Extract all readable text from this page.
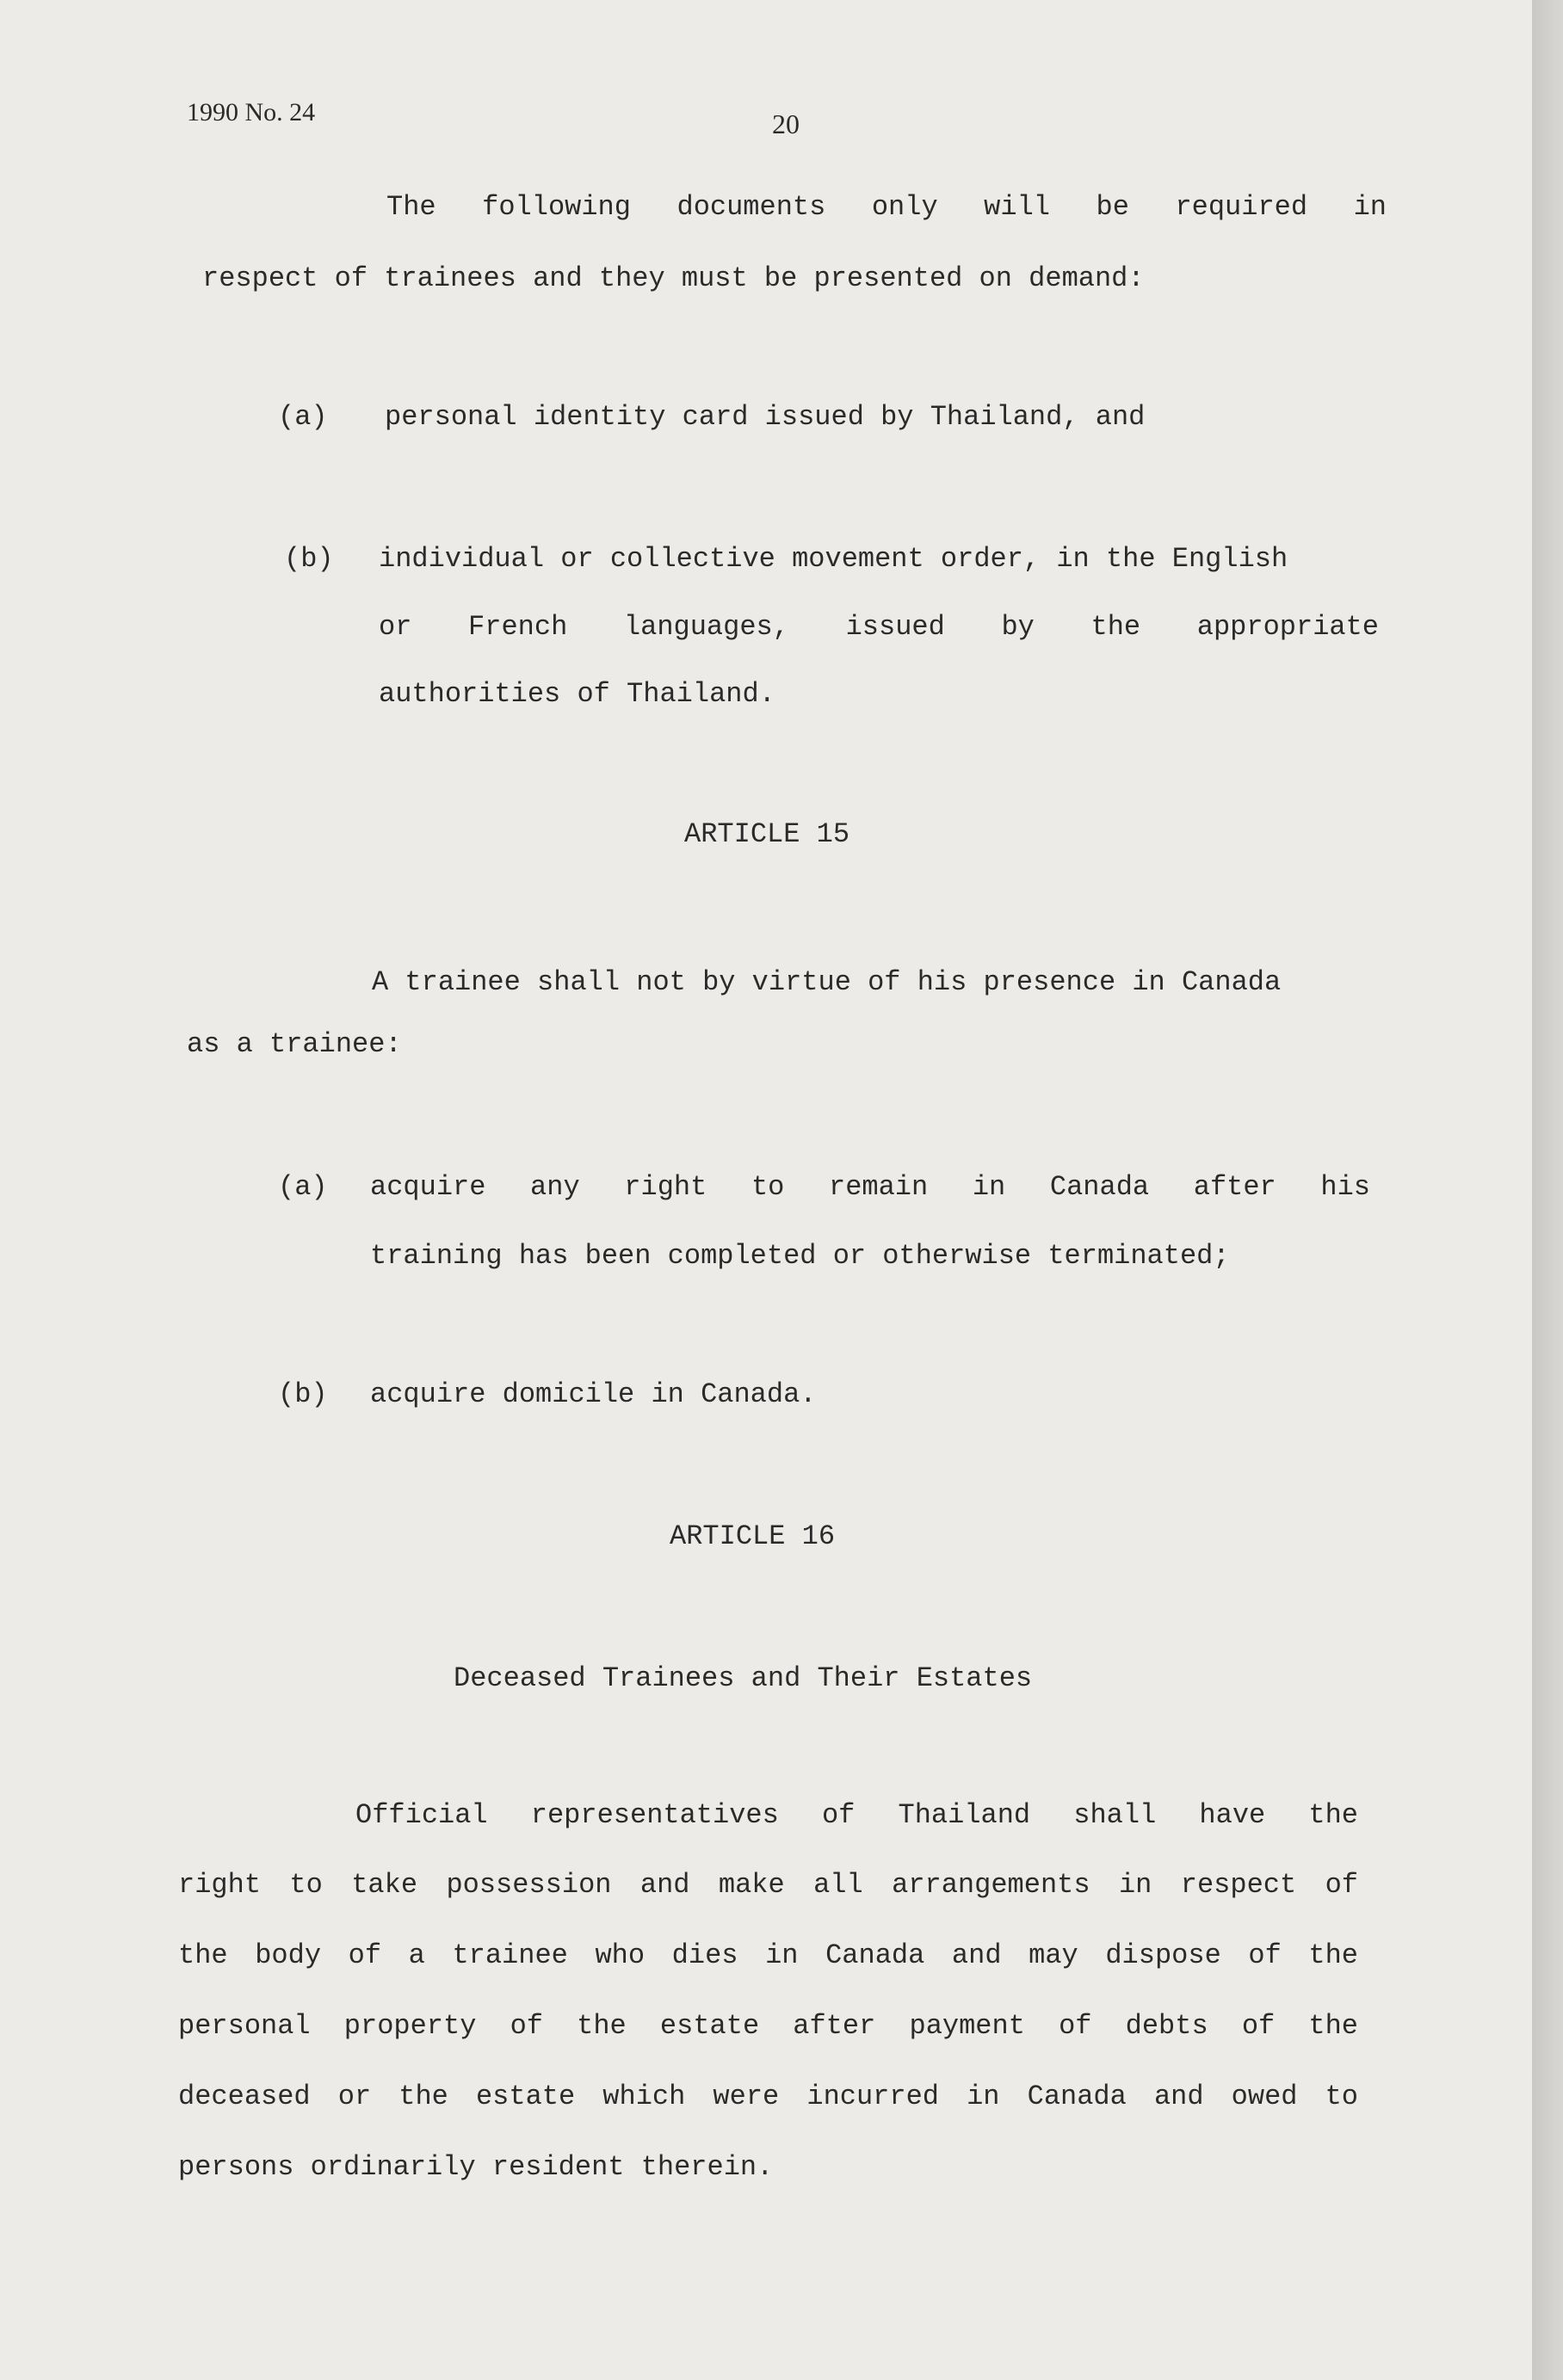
1990 No. 24	20
The following documents only will be required in
respect of trainees and they must be presented on demand:
(a) personal identity card issued by Thailand, and
(b) individual or collective movement order, in the English
or French languages, issued by the appropriate
authorities of Thailand.
ARTICLE 15
A trainee shall not by virtue of his presence in Canada
as a trainee:
(a) acquire any right to remain in Canada after his
training has been completed or otherwise terminated;
(b) acquire domicile in Canada.
ARTICLE 16
Deceased Trainees and Their Estates
Official representatives of Thailand shall have the
right to take possession and make all arrangements in respect of
the body of a trainee who dies in Canada and may dispose of the
personal property of the estate after payment of debts of the
deceased or the estate which were incurred in Canada and owed to
persons ordinarily resident therein.
